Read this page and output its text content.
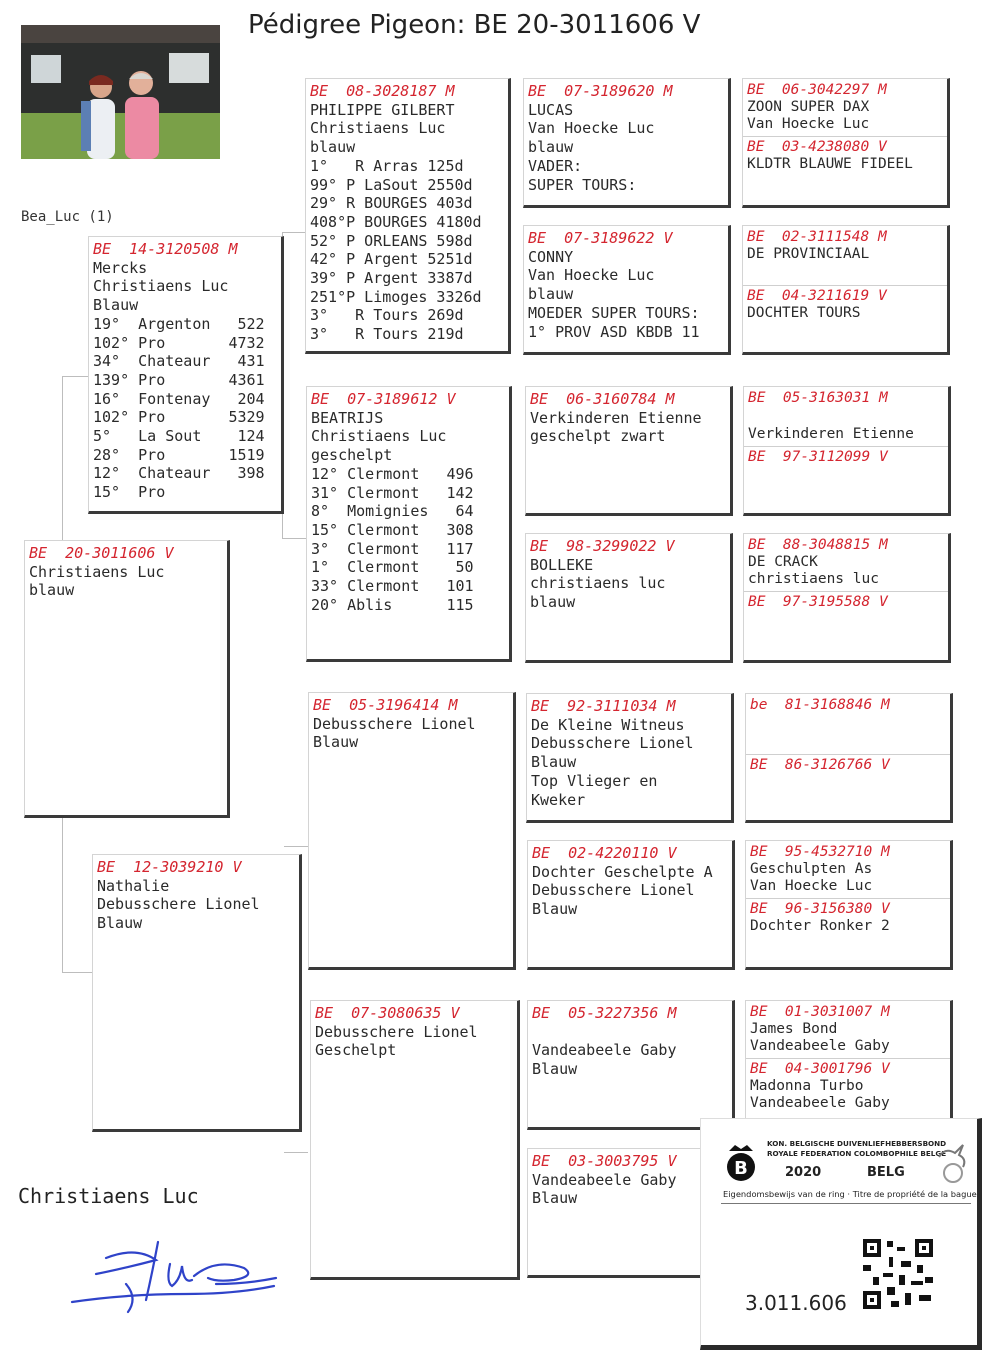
Pédigree Pigeon: BE 20-3011606 V
Bea_Luc (1)
BE  20-3011606 V
Christiaens Luc
blauw
BE  14-3120508 M
Mercks
Christiaens Luc
Blauw
19°  Argenton   522
102° Pro       4732
34°  Chateaur   431
139° Pro       4361
16°  Fontenay   204
102° Pro       5329
5°   La Sout    124
28°  Pro       1519
12°  Chateaur   398
15°  Pro
BE  12-3039210 V
Nathalie
Debusschere Lionel
Blauw
BE  08-3028187 M
PHILIPPE GILBERT
Christiaens Luc
blauw
1°   R Arras 125d
99° P LaSout 2550d
29° R BOURGES 403d
408°P BOURGES 4180d
52° P ORLEANS 598d
42° P Argent 5251d
39° P Argent 3387d
251°P Limoges 3326d
3°   R Tours 269d
3°   R Tours 219d
BE  07-3189612 V
BEATRIJS
Christiaens Luc
geschelpt
12° Clermont   496
31° Clermont   142
8°  Momignies   64
15° Clermont   308
3°  Clermont   117
1°  Clermont    50
33° Clermont   101
20° Ablis      115
BE  05-3196414 M
Debusschere Lionel
Blauw
BE  07-3080635 V
Debusschere Lionel
Geschelpt
BE  07-3189620 M
LUCAS
Van Hoecke Luc
blauw
VADER:
SUPER TOURS:
BE  07-3189622 V
CONNY
Van Hoecke Luc
blauw
MOEDER SUPER TOURS:
1° PROV ASD KBDB 11
BE  06-3160784 M
Verkinderen Etienne
geschelpt zwart
BE  98-3299022 V
BOLLEKE
christiaens luc
blauw
BE  92-3111034 M
De Kleine Witneus
Debusschere Lionel
Blauw
Top Vlieger en
Kweker
BE  02-4220110 V
Dochter Geschelpte A
Debusschere Lionel
Blauw
BE  05-3227356 M
Vandeabeele Gaby
Blauw
BE  03-3003795 V
Vandeabeele Gaby
Blauw
BE  06-3042297 M
ZOON SUPER DAX
Van Hoecke Luc
BE  03-4238080 V
KLDTR BLAUWE FIDEEL
BE  02-3111548 M
DE PROVINCIAAL
BE  04-3211619 V
DOCHTER TOURS
BE  05-3163031 M
Verkinderen Etienne
BE  97-3112099 V
BE  88-3048815 M
DE CRACK
christiaens luc
BE  97-3195588 V
be  81-3168846 M
BE  86-3126766 V
BE  95-4532710 M
Geschulpten As
Van Hoecke Luc
BE  96-3156380 V
Dochter Ronker 2
BE  01-3031007 M
James Bond
Vandeabeele Gaby
BE  04-3001796 V
Madonna Turbo
Vandeabeele Gaby
Christiaens Luc
B
KON. BELGISCHE DUIVENLIEFHEBBERSBOND
ROYALE FEDERATION COLOMBOPHILE BELGE
2020	BELG
Eigendomsbewijs van de ring · Titre de propriété de la bague
3.011.606
